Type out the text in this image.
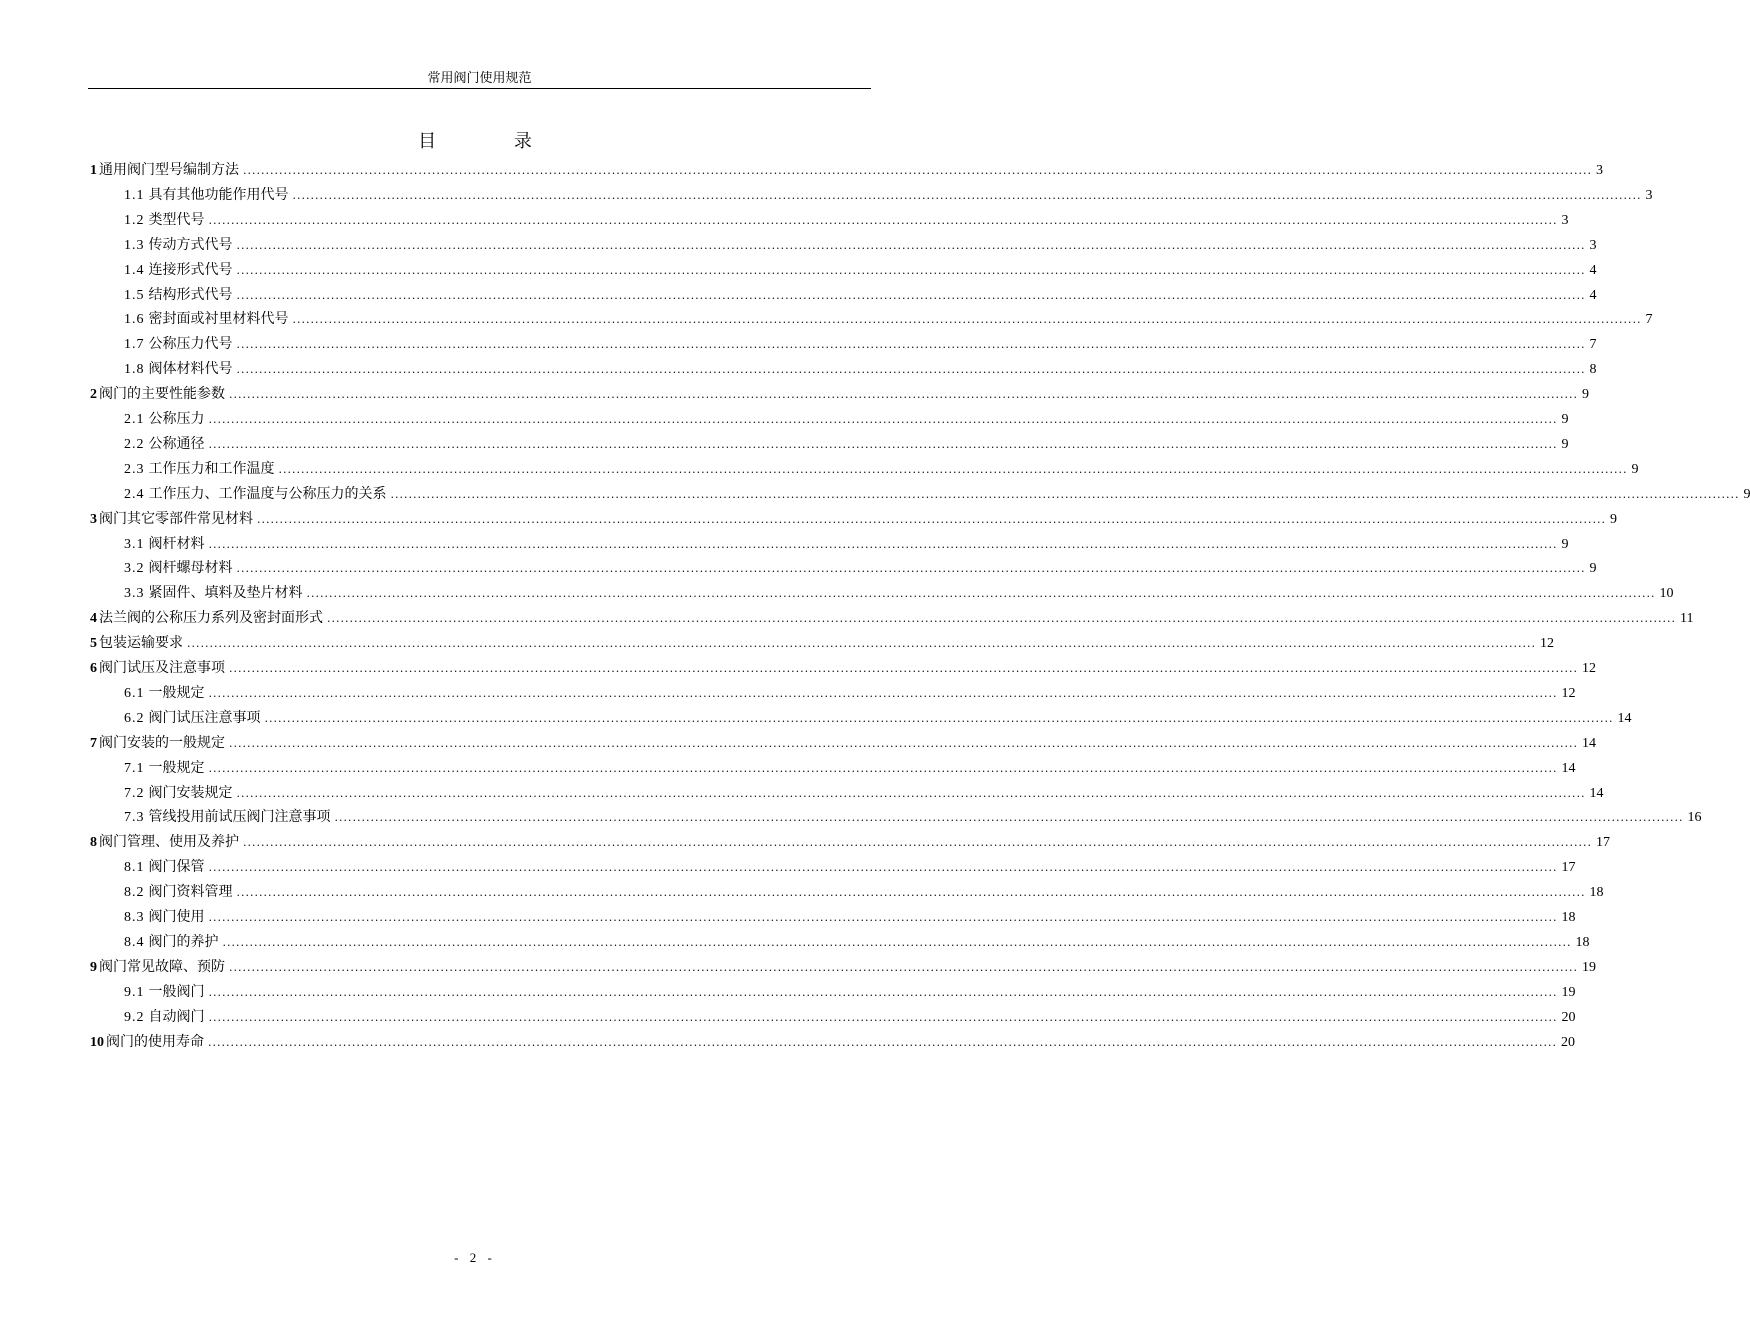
常用阀门使用规范
目 录
1 通用阀门型号编制方法 ............................................................................................................................................................................................................................................................................................................ 3
1.1 具有其他功能作用代号 ............................................................................................................................................................................................................................................................................................................ 3
1.2 类型代号 ............................................................................................................................................................................................................................................................................................................ 3
1.3 传动方式代号 ............................................................................................................................................................................................................................................................................................................ 3
1.4 连接形式代号 ............................................................................................................................................................................................................................................................................................................ 4
1.5 结构形式代号 ............................................................................................................................................................................................................................................................................................................ 4
1.6 密封面或衬里材料代号 ............................................................................................................................................................................................................................................................................................................ 7
1.7 公称压力代号 ............................................................................................................................................................................................................................................................................................................ 7
1.8 阀体材料代号 ............................................................................................................................................................................................................................................................................................................ 8
2 阀门的主要性能参数 ............................................................................................................................................................................................................................................................................................................ 9
2.1 公称压力 ............................................................................................................................................................................................................................................................................................................ 9
2.2 公称通径 ............................................................................................................................................................................................................................................................................................................ 9
2.3 工作压力和工作温度 ............................................................................................................................................................................................................................................................................................................ 9
2.4 工作压力、工作温度与公称压力的关系 ............................................................................................................................................................................................................................................................................................................ 9
3 阀门其它零部件常见材料 ............................................................................................................................................................................................................................................................................................................ 9
3.1 阀杆材料 ............................................................................................................................................................................................................................................................................................................ 9
3.2 阀杆螺母材料 ............................................................................................................................................................................................................................................................................................................ 9
3.3 紧固件、填料及垫片材料 ............................................................................................................................................................................................................................................................................................................ 10
4 法兰阀的公称压力系列及密封面形式 ............................................................................................................................................................................................................................................................................................................ 11
5 包装运输要求 ............................................................................................................................................................................................................................................................................................................ 12
6 阀门试压及注意事项 ............................................................................................................................................................................................................................................................................................................ 12
6.1 一般规定 ............................................................................................................................................................................................................................................................................................................ 12
6.2 阀门试压注意事项 ............................................................................................................................................................................................................................................................................................................ 14
7 阀门安装的一般规定 ............................................................................................................................................................................................................................................................................................................ 14
7.1 一般规定 ............................................................................................................................................................................................................................................................................................................ 14
7.2 阀门安装规定 ............................................................................................................................................................................................................................................................................................................ 14
7.3 管线投用前试压阀门注意事项 ............................................................................................................................................................................................................................................................................................................ 16
8 阀门管理、使用及养护 ............................................................................................................................................................................................................................................................................................................ 17
8.1 阀门保管 ............................................................................................................................................................................................................................................................................................................ 17
8.2 阀门资料管理 ............................................................................................................................................................................................................................................................................................................ 18
8.3 阀门使用 ............................................................................................................................................................................................................................................................................................................ 18
8.4 阀门的养护 ............................................................................................................................................................................................................................................................................................................ 18
9 阀门常见故障、预防 ............................................................................................................................................................................................................................................................................................................ 19
9.1 一般阀门 ............................................................................................................................................................................................................................................................................................................ 19
9.2 自动阀门 ............................................................................................................................................................................................................................................................................................................ 20
10 阀门的使用寿命 ............................................................................................................................................................................................................................................................................................................ 20
- 2 -
